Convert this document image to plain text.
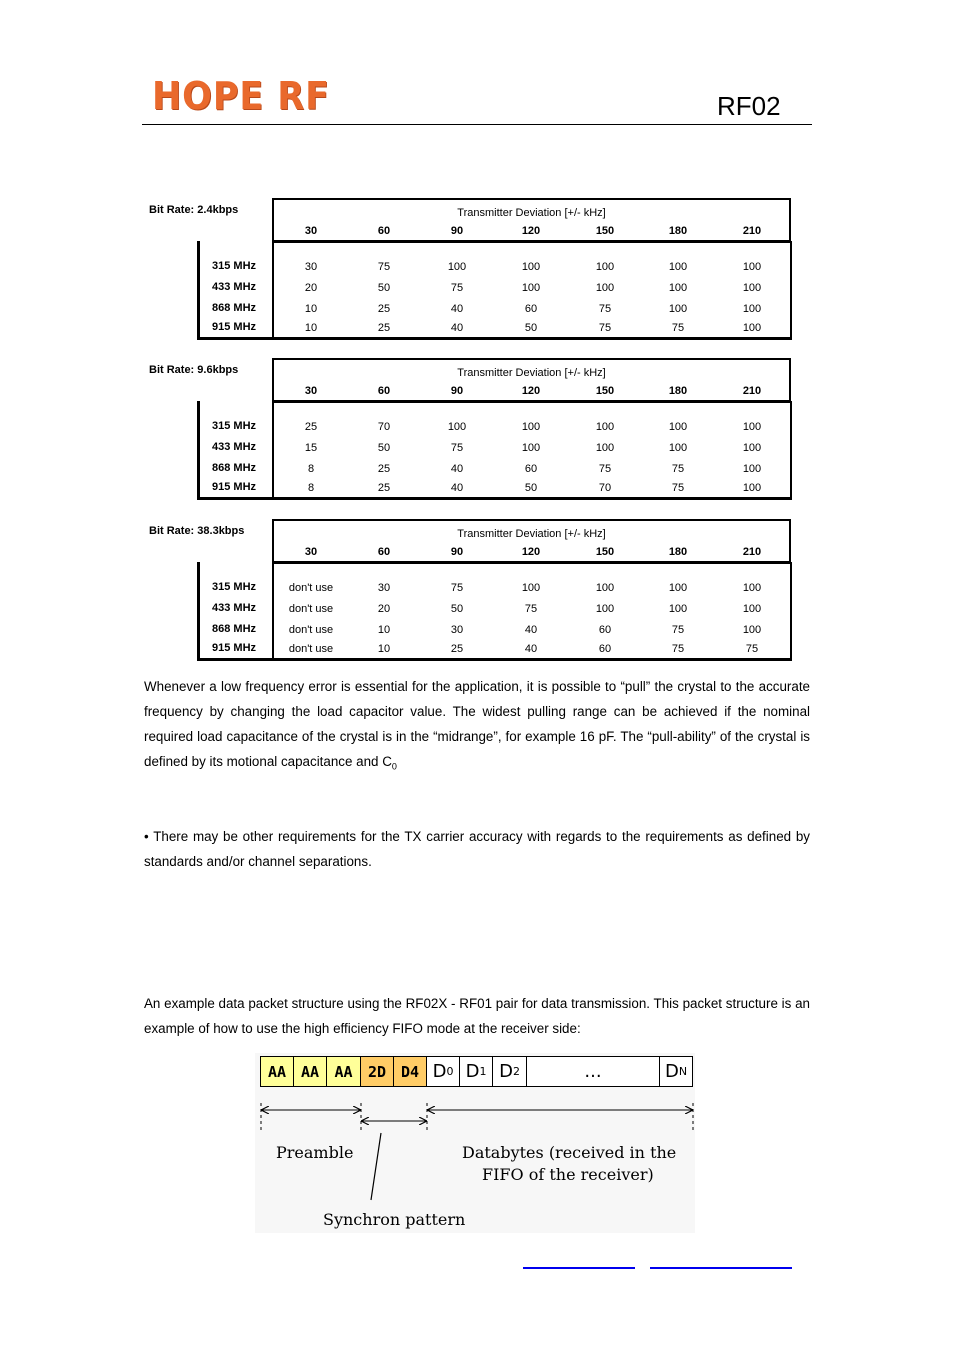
HOPE RF	RF02
Bit Rate: 2.4kbps	Transmitter Deviation [+/- kHz]
30	60	90	120	150	180	210
315 MHz	30	75	100	100	100	100	100
433 MHz	20	50	75	100	100	100	100
868 MHz	10	25	40	60	75	100	100
915 MHz	10	25	40	50	75	75	100
Bit Rate: 9.6kbps	Transmitter Deviation [+/- kHz]
30	60	90	120	150	180	210
315 MHz	25	70	100	100	100	100	100
433 MHz	15	50	75	100	100	100	100
868 MHz	8	25	40	60	75	75	100
915 MHz	8	25	40	50	70	75	100
Bit Rate: 38.3kbps	Transmitter Deviation [+/- kHz]
30	60	90	120	150	180	210
315 MHz	don't use	30	75	100	100	100	100
433 MHz	don't use	20	50	75	100	100	100
868 MHz	don't use	10	30	40	60	75	100
915 MHz	don't use	10	25	40	60	75	75
Whenever a low frequency error is essential for the application, it is possible to “pull” the crystal to the accurate frequency by changing the load capacitor value. The widest pulling range can be achieved if the nominal required load capacitance of the crystal is in the “midrange”, for example 16 pF. The “pull-ability” of the crystal is defined by its motional capacitance and $C_0$
• There may be other requirements for the TX carrier accuracy with regards to the requirements as defined by standards and/or channel separations.
An example data packet structure using the RF02X - RF01 pair for data transmission. This packet structure is an example of how to use the high efficiency FIFO mode at the receiver side:
AA AA	AA	2D D4 D 0 D 1 D 2	...	D N
Preamble	Databytes (received in the
FIFO of the receiver)
Synchron pattern
